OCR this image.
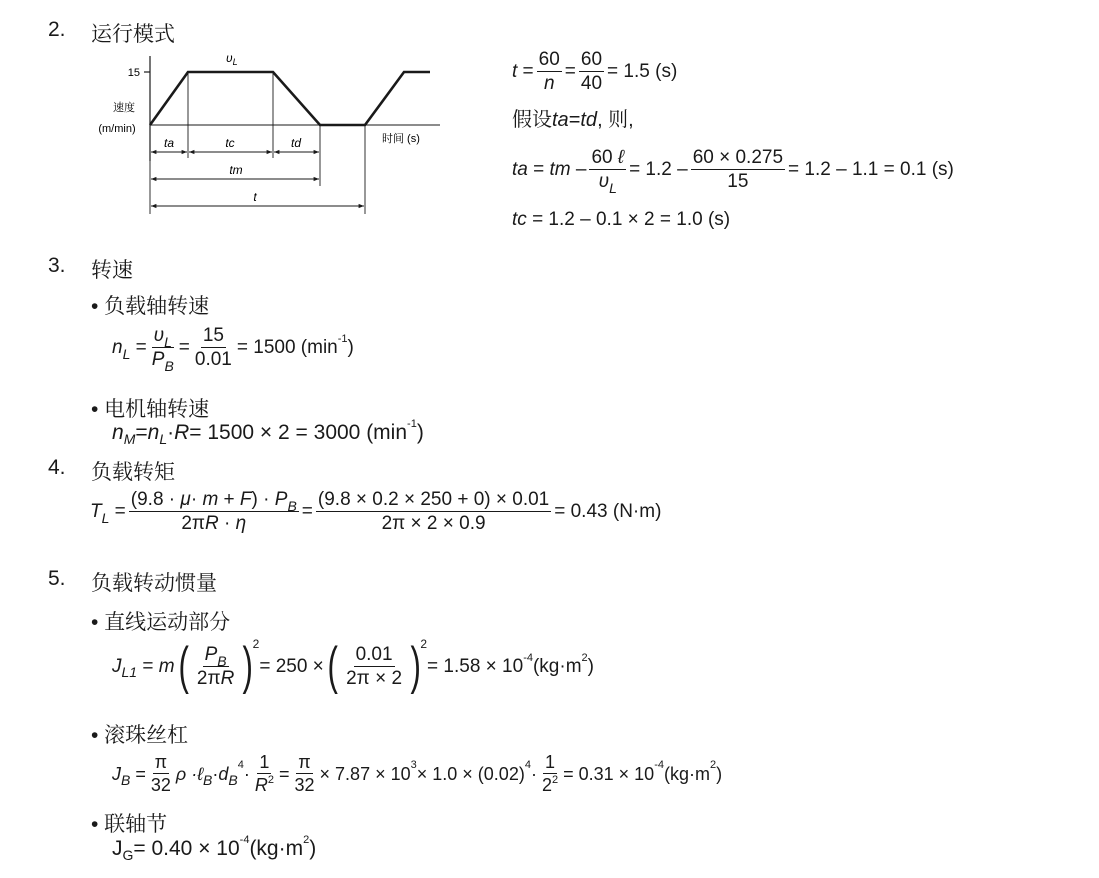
2. 运行模式
15
速度
(m/min)
时间 (s)
$\upsilon_L$
ta	tc	td
tm
t
$t = \frac{60}{n} = \frac{60}{40} = 1.5$ (s)
假设 ta = td , 则,
ta = tm – $\frac{\text{60 ℓ}}{\upsilon_L} = 1.2 - \frac{60 \times 0.275}{15} = 1.2 - 1.1 = 0.1$ (s)
tc
= 1.2 – 0.1 × 2 = 1.0 (s)
3. 转速
• 负载轴转速
n $L = \frac{\upsilon_L}{P_B} = \frac{15}{0.01} = 1500$ (min -1 )
• 电机轴转速
n M = n L · R = 1500 × 2 = 3000 (min -1 )
4. 负载转矩
T $L = \frac{(9.8 \cdot \mu\cdot m + F) \cdot P_B}{2\pi R \cdot \eta} = \frac{(9.8 \times 0.2 \times 250 + 0) \times 0.01}{2\pi \times 2 \times 0.9} = 0.43$ (N·m)
5. 负载转动惯量
• 直线运动部分
J L1 = m ( $\frac{P_B}{2\pi R}$ ) 2
= 250 × ( $\frac{0.01}{2\pi \times 2}$ ) 2
= 1.58 × 10 -4 (kg·m 2 )
• 滚珠丝杠
J $B = \frac{\pi}{32}$ ρ · ℓ B · d B
$4 \cdot \frac{1}{R^2} = \frac{\pi}{32} \times 7.87 \times 10$ 3 × 1.0 × (0.02) $4 \cdot \frac{1}{2^2} = 0.31 \times 10$ -4 (kg·m 2 )
• 联轴节
J G = 0.40 × 10 -4 (kg·m 2 )
